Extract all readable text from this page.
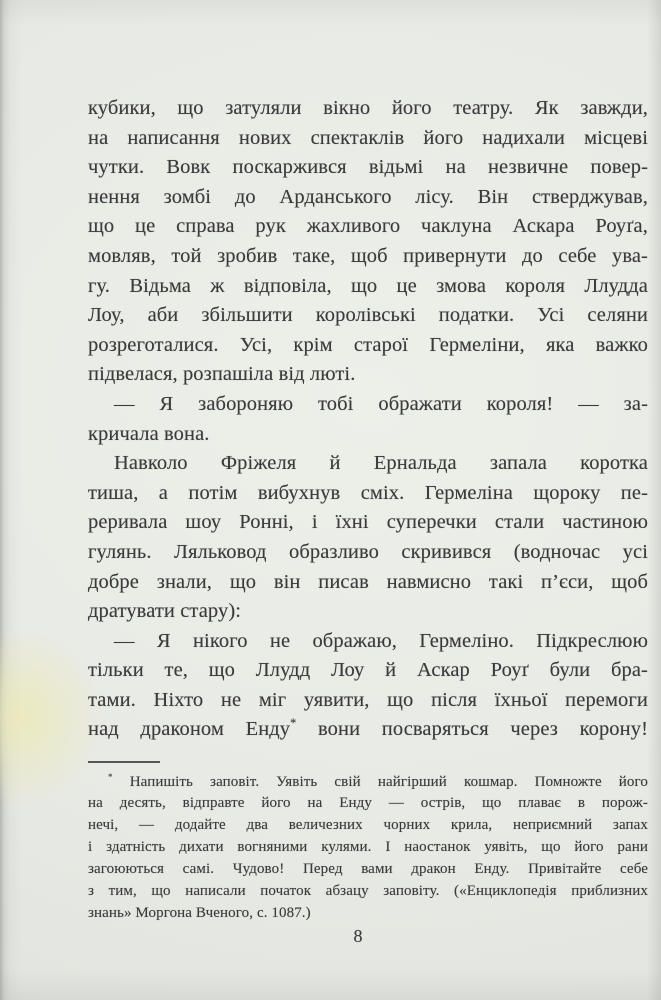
кубики, що затуляли вікно його театру. Як завжди,
на написання нових спектаклів його надихали місцеві
чутки. Вовк поскаржився відьмі на незвичне повер-
нення зомбі до Арданського лісу. Він стверджував,
що це справа рук жахливого чаклуна Аскара Роуґа,
мовляв, той зробив таке, щоб привернути до себе ува-
гу. Відьма ж відповіла, що це змова короля Ллудда
Лоу, аби збільшити королівські податки. Усі селяни
розреготалися. Усі, крім старої Гермеліни, яка важко
підвелася, розпашіла від люті.
— Я забороняю тобі ображати короля! — за-
кричала вона.
Навколо Фріжеля й Ернальда запала коротка
тиша, а потім вибухнув сміх. Гермеліна щороку пе-
реривала шоу Ронні, і їхні суперечки стали частиною
гулянь. Ляльковод образливо скривився (водночас усі
добре знали, що він писав навмисно такі п’єси, щоб
дратувати стару):
— Я нікого не ображаю, Гермеліно. Підкреслюю
тільки те, що Ллудд Лоу й Аскар Роуґ були бра-
тами. Ніхто не міг уявити, що після їхньої перемоги
над драконом Енду* вони посваряться через корону!
* Напишіть заповіт. Уявіть свій найгірший кошмар. Помножте його
на десять, відправте його на Енду — острів, що плаває в порож-
нечі, — додайте два величезних чорних крила, неприємний запах
і здатність дихати вогняними кулями. І наостанок уявіть, що його рани
загоюються самі. Чудово! Перед вами дракон Енду. Привітайте себе
з тим, що написали початок абзацу заповіту. («Енциклопедія приблизних
знань» Моргона Вченого, с. 1087.)
8
